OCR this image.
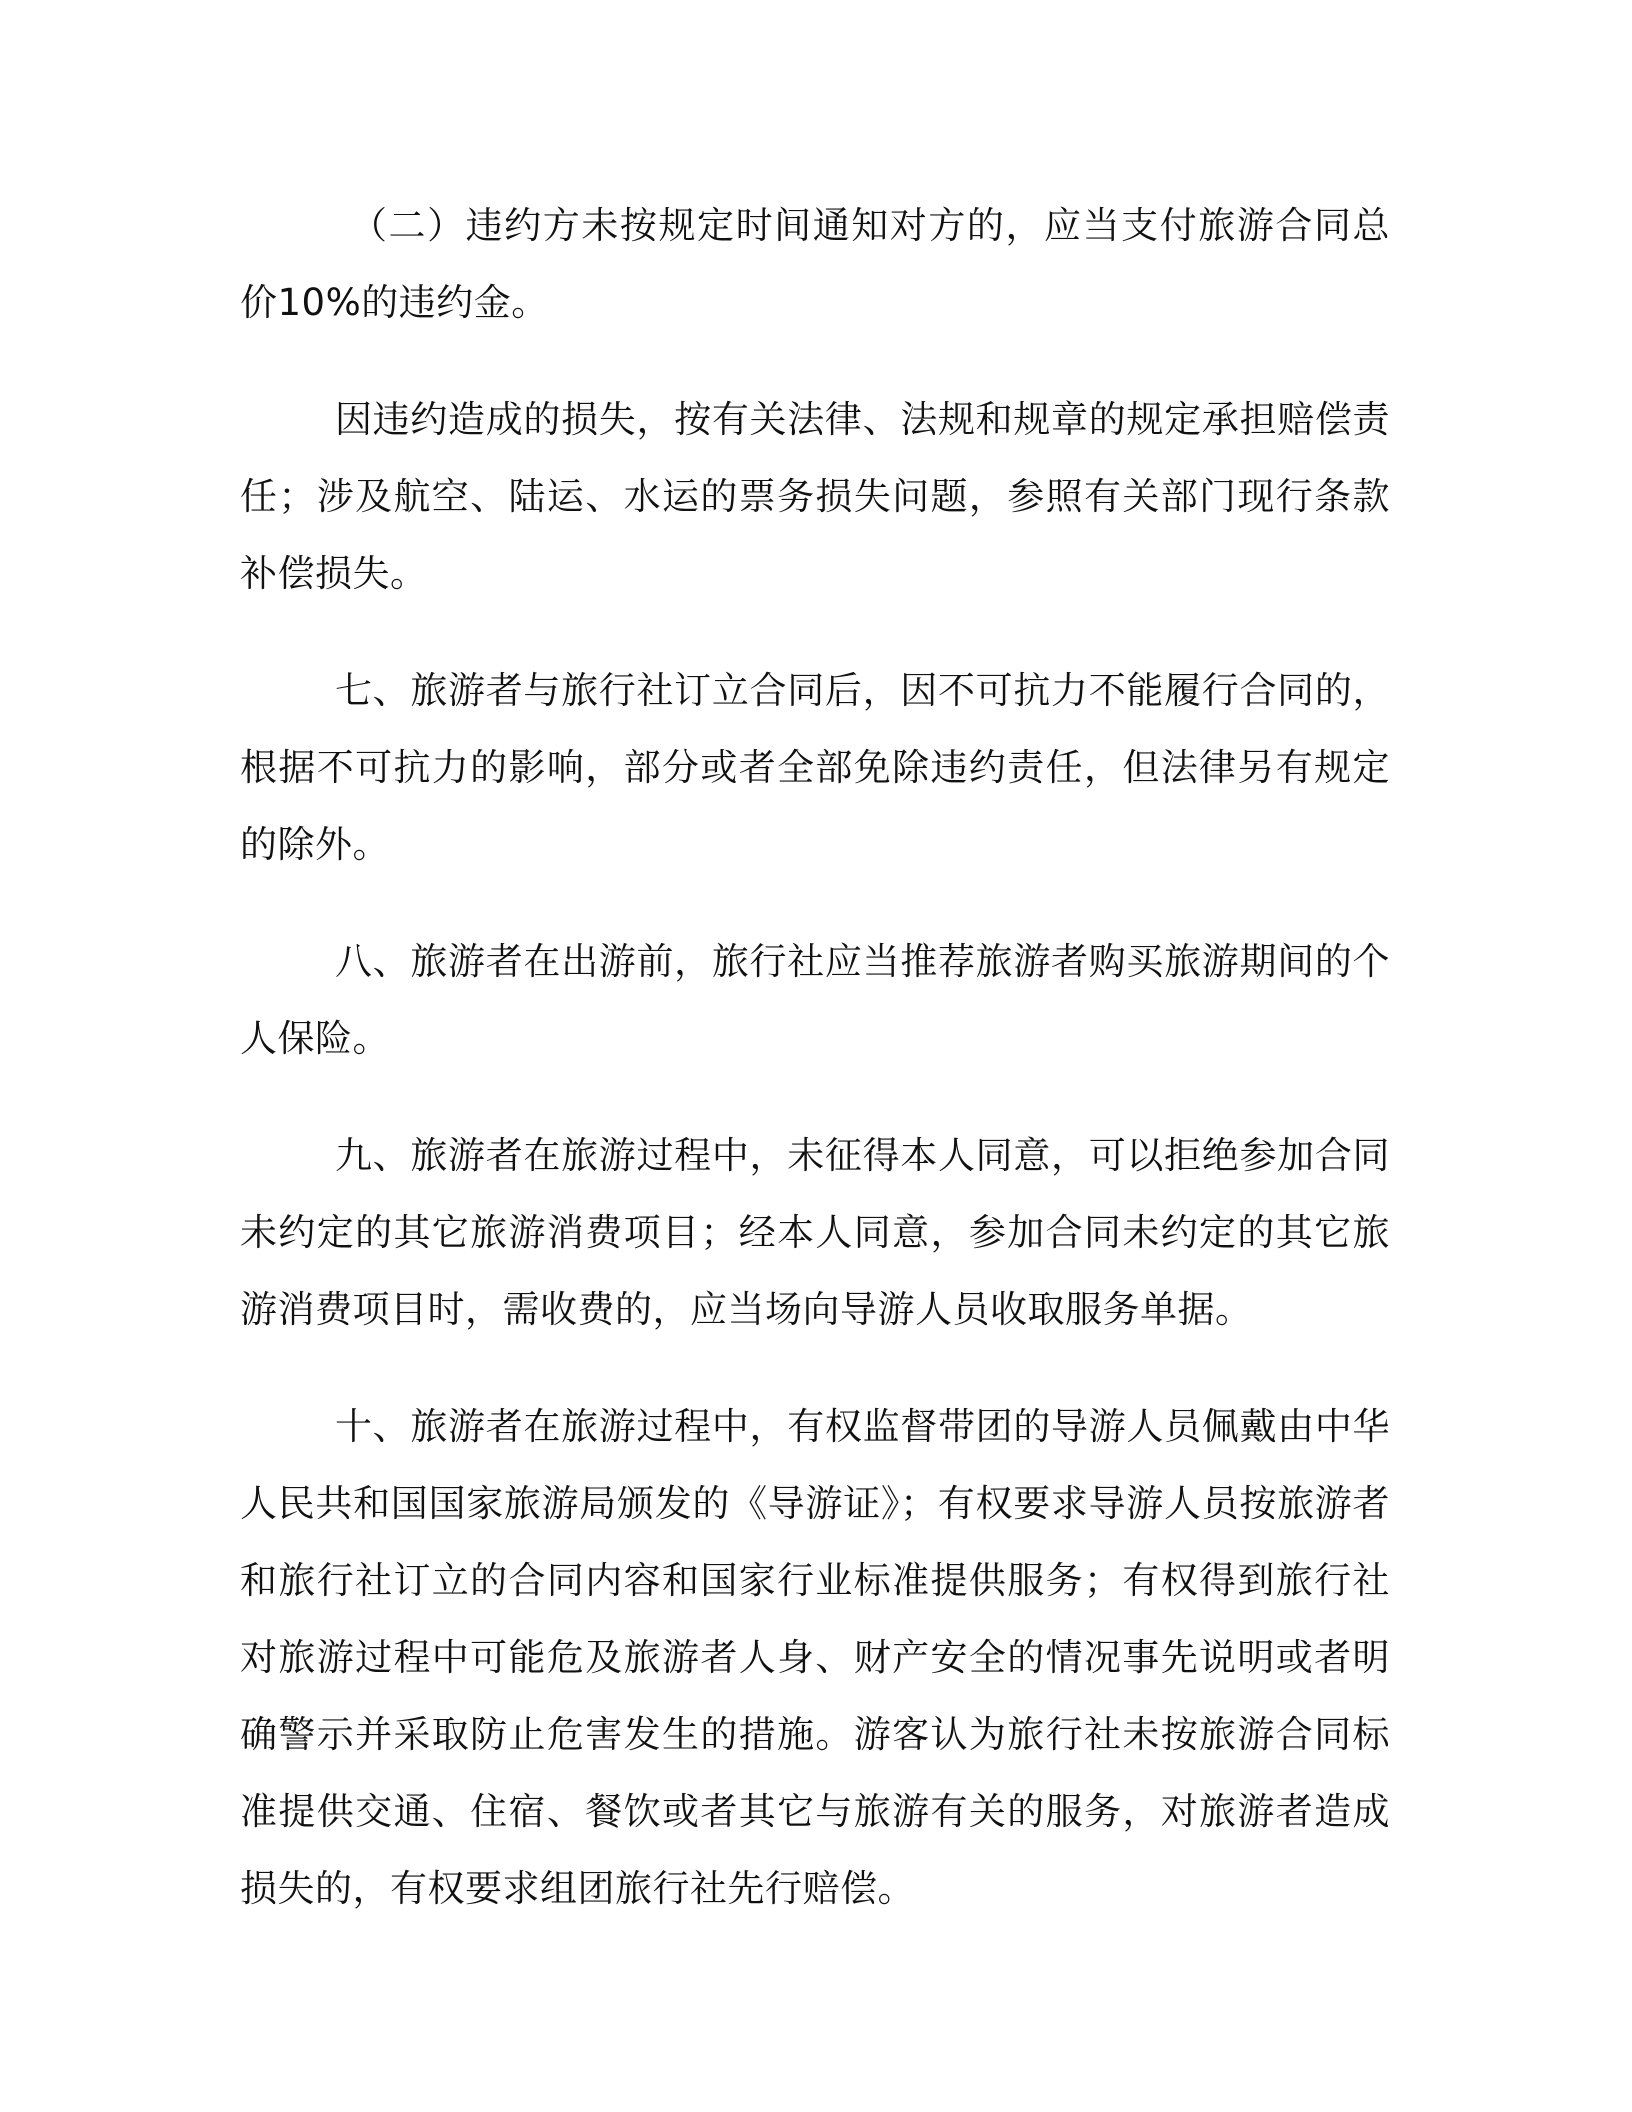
（二）违约方未按规定时间通知对方的，应当支付旅游合同总价10%的违约金。

因违约造成的损失，按有关法律、法规和规章的规定承担赔偿责任；涉及航空、陆运、水运的票务损失问题，参照有关部门现行条款补偿损失。

七、旅游者与旅行社订立合同后，因不可抗力不能履行合同的，根据不可抗力的影响，部分或者全部免除违约责任，但法律另有规定的除外。

八、旅游者在出游前，旅行社应当推荐旅游者购买旅游期间的个人保险。

九、旅游者在旅游过程中，未征得本人同意，可以拒绝参加合同未约定的其它旅游消费项目；经本人同意，参加合同未约定的其它旅游消费项目时，需收费的，应当场向导游人员收取服务单据。

十、旅游者在旅游过程中，有权监督带团的导游人员佩戴由中华人民共和国国家旅游局颁发的《导游证》；有权要求导游人员按旅游者和旅行社订立的合同内容和国家行业标准提供服务；有权得到旅行社对旅游过程中可能危及旅游者人身、财产安全的情况事先说明或者明确警示并采取防止危害发生的措施。游客认为旅行社未按旅游合同标准提供交通、住宿、餐饮或者其它与旅游有关的服务，对旅游者造成损失的，有权要求组团旅行社先行赔偿。
